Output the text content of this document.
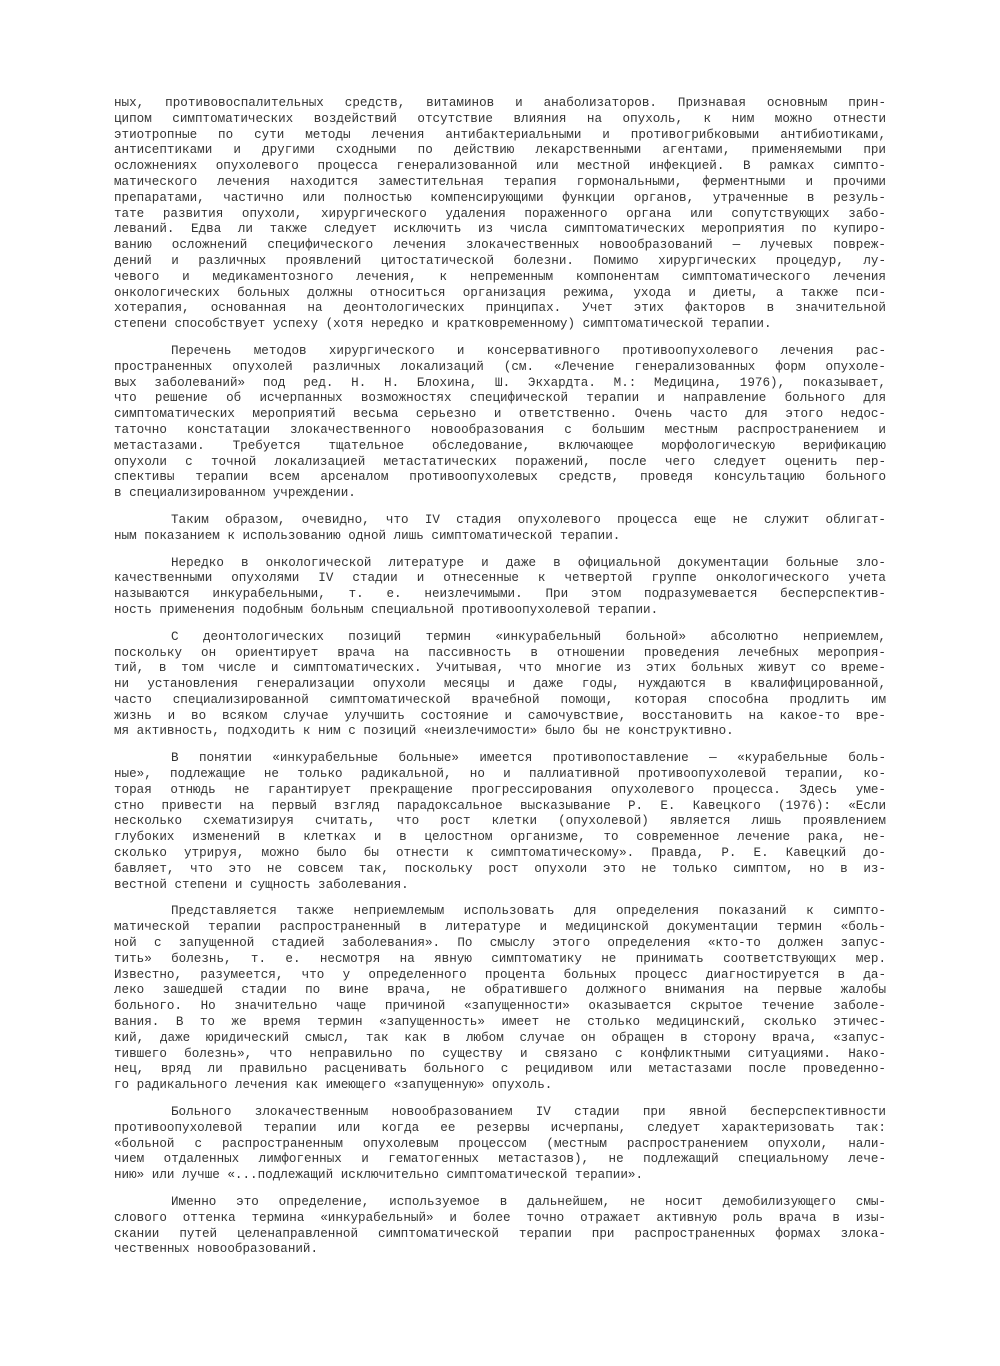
ных, противовоспалительных средств, витаминов и анаболизаторов. Признавая основным прин-
ципом симптоматических воздействий отсутствие влияния на опухоль, к ним можно отнести
этиотропные по сути методы лечения антибактериальными и противогрибковыми антибиотиками,
антисептиками и другими сходными по действию лекарственными агентами, применяемыми при
осложнениях опухолевого процесса генерализованной или местной инфекцией. В рамках симпто-
матического лечения находится заместительная терапия гормональными, ферментными и прочими
препаратами, частично или полностью компенсирующими функции органов, утраченные в резуль-
тате развития опухоли, хирургического удаления пораженного органа или сопутствующих забо-
леваний. Едва ли также следует исключить из числа симптоматических мероприятия по купиро-
ванию осложнений специфического лечения злокачественных новообразований — лучевых повреж-
дений и различных проявлений цитостатической болезни. Помимо хирургических процедур, лу-
чевого и медикаментозного лечения, к непременным компонентам симптоматического лечения
онкологических больных должны относиться организация режима, ухода и диеты, а также пси-
хотерапия, основанная на деонтологических принципах. Учет этих факторов в значительной
степени способствует успеху (хотя нередко и кратковременному) симптоматической терапии.
Перечень методов хирургического и консервативного противоопухолевого лечения рас-
пространенных опухолей различных локализаций (см. «Лечение генерализованных форм опухоле-
вых заболеваний» под ред. Н. Н. Блохина, Ш. Экхардта. М.: Медицина, 1976), показывает,
что решение об исчерпанных возможностях специфической терапии и направление больного для
симптоматических мероприятий весьма серьезно и ответственно. Очень часто для этого недос-
таточно констатации злокачественного новообразования с большим местным распространением и
метастазами. Требуется тщательное обследование, включающее морфологическую верификацию
опухоли с точной локализацией метастатических поражений, после чего следует оценить пер-
спективы терапии всем арсеналом противоопухолевых средств, проведя консультацию больного
в специализированном учреждении.
Таким образом, очевидно, что IV стадия опухолевого процесса еще не служит облигат-
ным показанием к использованию одной лишь симптоматической терапии.
Нередко в онкологической литературе и даже в официальной документации больные зло-
качественными опухолями IV стадии и отнесенные к четвертой группе онкологического учета
называются инкурабельными, т. е. неизлечимыми. При этом подразумевается бесперспектив-
ность применения подобным больным специальной противоопухолевой терапии.
С деонтологических позиций термин «инкурабельный больной» абсолютно неприемлем,
поскольку он ориентирует врача на пассивность в отношении проведения лечебных мероприя-
тий, в том числе и симптоматических. Учитывая, что многие из этих больных живут со време-
ни установления генерализации опухоли месяцы и даже годы, нуждаются в квалифицированной,
часто специализированной симптоматической врачебной помощи, которая способна продлить им
жизнь и во всяком случае улучшить состояние и самочувствие, восстановить на какое-то вре-
мя активность, подходить к ним с позиций «неизлечимости» было бы не конструктивно.
В понятии «инкурабельные больные» имеется противопоставление — «курабельные боль-
ные», подлежащие не только радикальной, но и паллиативной противоопухолевой терапии, ко-
торая отнюдь не гарантирует прекращение прогрессирования опухолевого процесса. Здесь уме-
стно привести на первый взгляд парадоксальное высказывание Р. Е. Кавецкого (1976): «Если
несколько схематизируя считать, что рост клетки (опухолевой) является лишь проявлением
глубоких изменений в клетках и в целостном организме, то современное лечение рака, не-
сколько утрируя, можно было бы отнести к симптоматическому». Правда, Р. Е. Кавецкий до-
бавляет, что это не совсем так, поскольку рост опухоли это не только симптом, но в из-
вестной степени и сущность заболевания.
Представляется также неприемлемым использовать для определения показаний к симпто-
матической терапии распространенный в литературе и медицинской документации термин «боль-
ной с запущенной стадией заболевания». По смыслу этого определения «кто-то должен запус-
тить» болезнь, т. е. несмотря на явную симптоматику не принимать соответствующих мер.
Известно, разумеется, что у определенного процента больных процесс диагностируется в да-
леко зашедшей стадии по вине врача, не обратившего должного внимания на первые жалобы
больного. Но значительно чаще причиной «запущенности» оказывается скрытое течение заболе-
вания. В то же время термин «запущенность» имеет не столько медицинский, сколько этичес-
кий, даже юридический смысл, так как в любом случае он обращен в сторону врача, «запус-
тившего болезнь», что неправильно по существу и связано с конфликтными ситуациями. Нако-
нец, вряд ли правильно расценивать больного с рецидивом или метастазами после проведенно-
го радикального лечения как имеющего «запущенную» опухоль.
Больного злокачественным новообразованием IV стадии при явной бесперспективности
противоопухолевой терапии или когда ее резервы исчерпаны, следует характеризовать так:
«больной с распространенным опухолевым процессом (местным распространением опухоли, нали-
чием отдаленных лимфогенных и гематогенных метастазов), не подлежащий специальному лече-
нию» или лучше «...подлежащий исключительно симптоматической терапии».
Именно это определение, используемое в дальнейшем, не носит демобилизующего смы-
слового оттенка термина «инкурабельный» и более точно отражает активную роль врача в изы-
скании путей целенаправленной симптоматической терапии при распространенных формах злока-
чественных новообразований.
